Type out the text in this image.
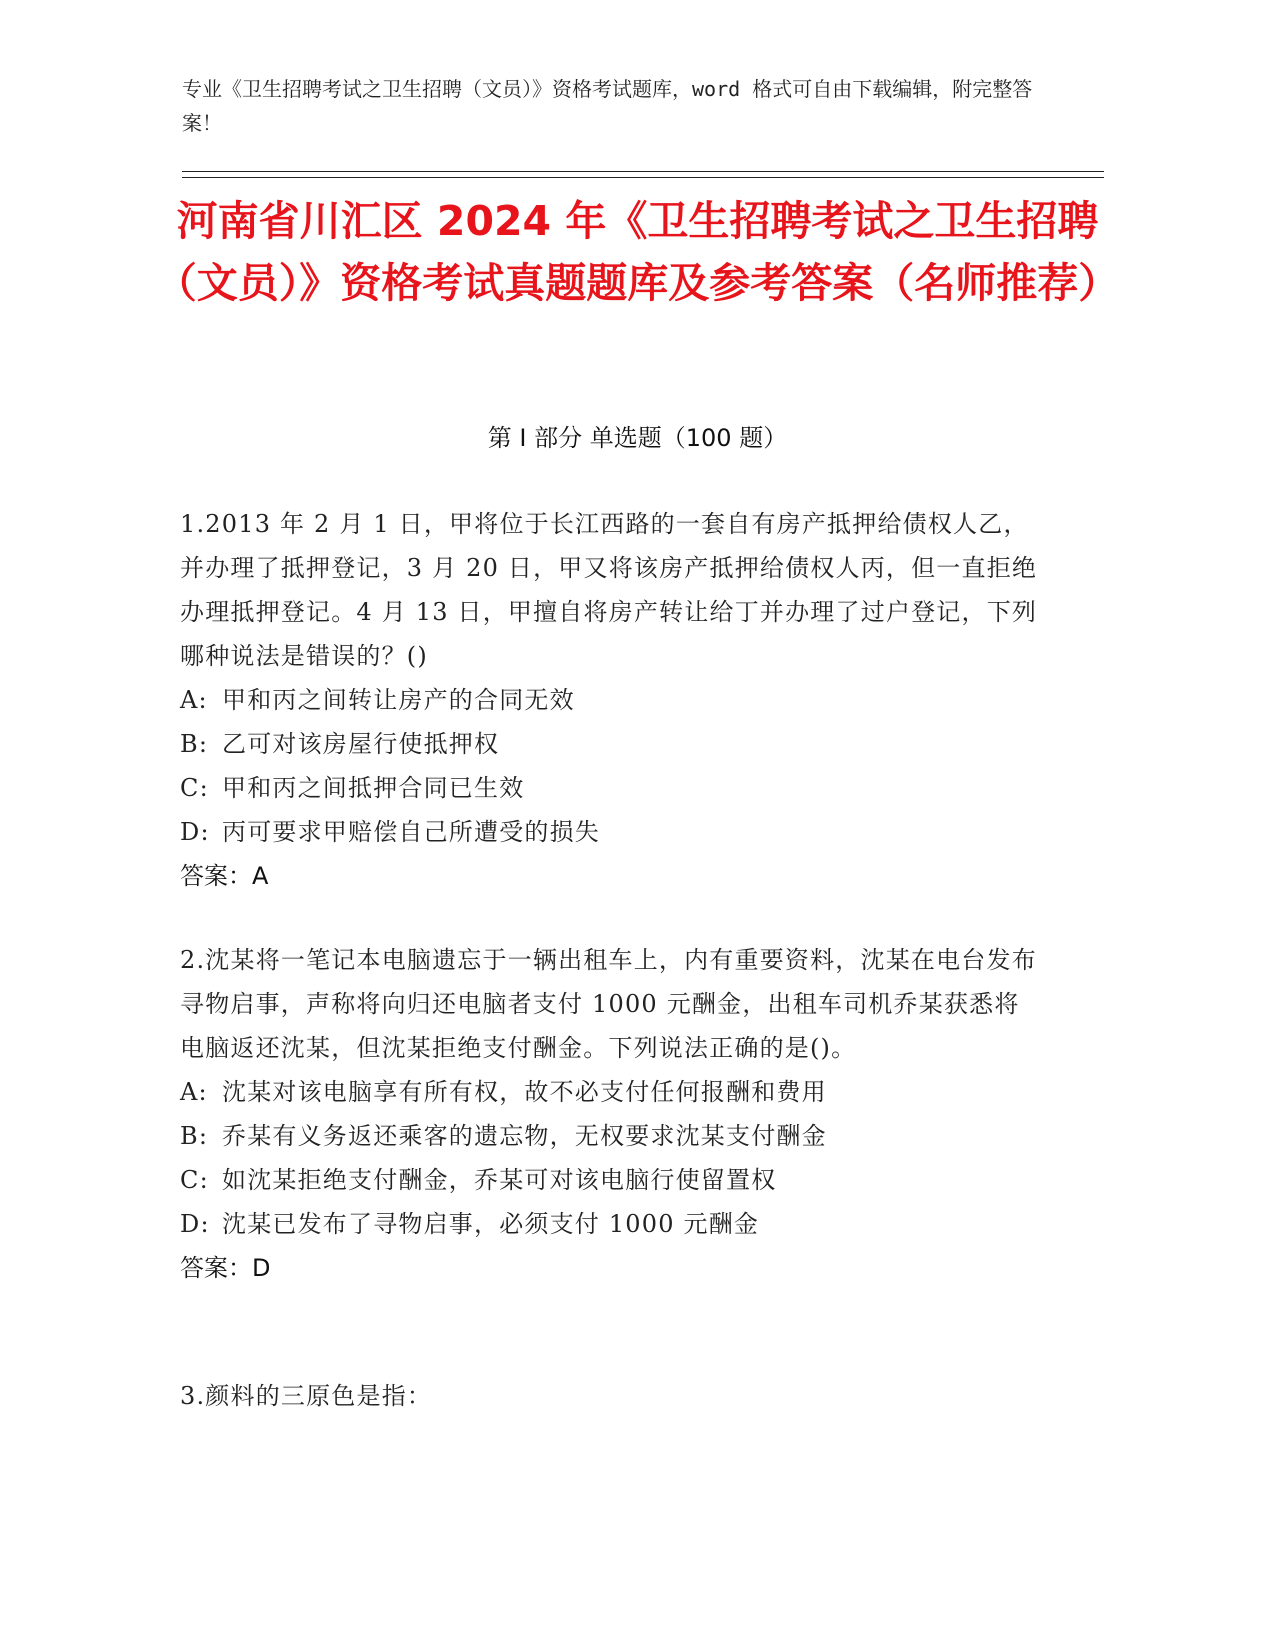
专业《卫生招聘考试之卫生招聘（文员）》资格考试题库，word 格式可自由下载编辑，附完整答案！
河南省川汇区 2024 年《卫生招聘考试之卫生招聘（文员）》资格考试真题题库及参考答案（名师推荐）
第 I 部分 单选题（100 题）
1.2013 年 2 月 1 日，甲将位于长江西路的一套自有房产抵押给债权人乙，并办理了抵押登记，3 月 20 日，甲又将该房产抵押给债权人丙，但一直拒绝办理抵押登记。4 月 13 日，甲擅自将房产转让给丁并办理了过户登记，下列哪种说法是错误的？()
A: 甲和丙之间转让房产的合同无效
B: 乙可对该房屋行使抵押权
C: 甲和丙之间抵押合同已生效
D: 丙可要求甲赔偿自己所遭受的损失
答案：A
2.沈某将一笔记本电脑遗忘于一辆出租车上，内有重要资料，沈某在电台发布寻物启事，声称将向归还电脑者支付 1000 元酬金，出租车司机乔某获悉将电脑返还沈某，但沈某拒绝支付酬金。下列说法正确的是()。
A: 沈某对该电脑享有所有权，故不必支付任何报酬和费用
B: 乔某有义务返还乘客的遗忘物，无权要求沈某支付酬金
C: 如沈某拒绝支付酬金，乔某可对该电脑行使留置权
D: 沈某已发布了寻物启事，必须支付 1000 元酬金
答案：D
3.颜料的三原色是指：
